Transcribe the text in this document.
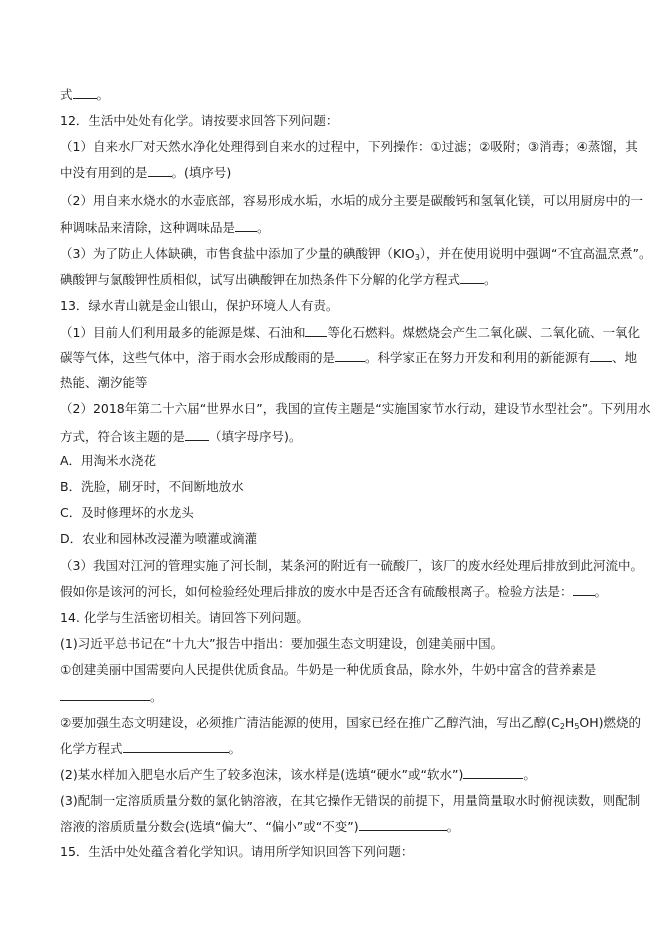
式 。
12．生活中处处有化学。请按要求回答下列问题：
（1）自来水厂对天然水净化处理得到自来水的过程中，下列操作：①过滤；②吸附；③消毒；④蒸馏，其
中没有用到的是 。(填序号)
（2）用自来水烧水的水壶底部，容易形成水垢，水垢的成分主要是碳酸钙和氢氧化镁，可以用厨房中的一
种调味品来清除，这种调味品是 。
（3）为了防止人体缺碘，市售食盐中添加了少量的碘酸钾$(KIO_3)$，并在使用说明中强调“不宜高温烹煮”。
碘酸钾与氯酸钾性质相似，试写出碘酸钾在加热条件下分解的化学方程式 。
13．绿水青山就是金山银山，保护环境人人有责。
（1）目前人们利用最多的能源是煤、石油和 等化石燃料。煤燃烧会产生二氧化碳、二氧化硫、一氧化
碳等气体，这些气体中，溶于雨水会形成酸雨的是 。科学家正在努力开发和利用的新能源有 、地
热能、潮汐能等
（2）2018年第二十六届“世界水日”，我国的宣传主题是“实施国家节水行动，建设节水型社会”。下列用水
方式，符合该主题的是 （填字母序号)。
A．用淘米水浇花
B．洗脸，刷牙时，不间断地放水
C．及时修理坏的水龙头
D．农业和园林改浸灌为喷灌或滴灌
（3）我国对江河的管理实施了河长制，某条河的附近有一硫酸厂，该厂的废水经处理后排放到此河流中。
假如你是该河的河长，如何检验经处理后排放的废水中是否还含有硫酸根离子。检验方法是： 。
14. 化学与生活密切相关。请回答下列问题。
(1)习近平总书记在“十九大”报告中指出：要加强生态文明建设，创建美丽中国。
①创建美丽中国需要向人民提供优质食品。牛奶是一种优质食品，除水外，牛奶中富含的营养素是
。
②要加强生态文明建设，必须推广清洁能源的使用，国家已经在推广乙醇汽油，写出乙醇$(C_2H_5OH)$燃烧的
化学方程式	。
(2)某水样加入肥皂水后产生了较多泡沫，该水样是(选填“硬水”或“软水”)	。
(3)配制一定溶质质量分数的氯化钠溶液，在其它操作无错误的前提下，用量筒量取水时俯视读数，则配制
溶液的溶质质量分数会(选填“偏大”、“偏小”或“不变”)	。
15．生活中处处蕴含着化学知识。请用所学知识回答下列问题：
